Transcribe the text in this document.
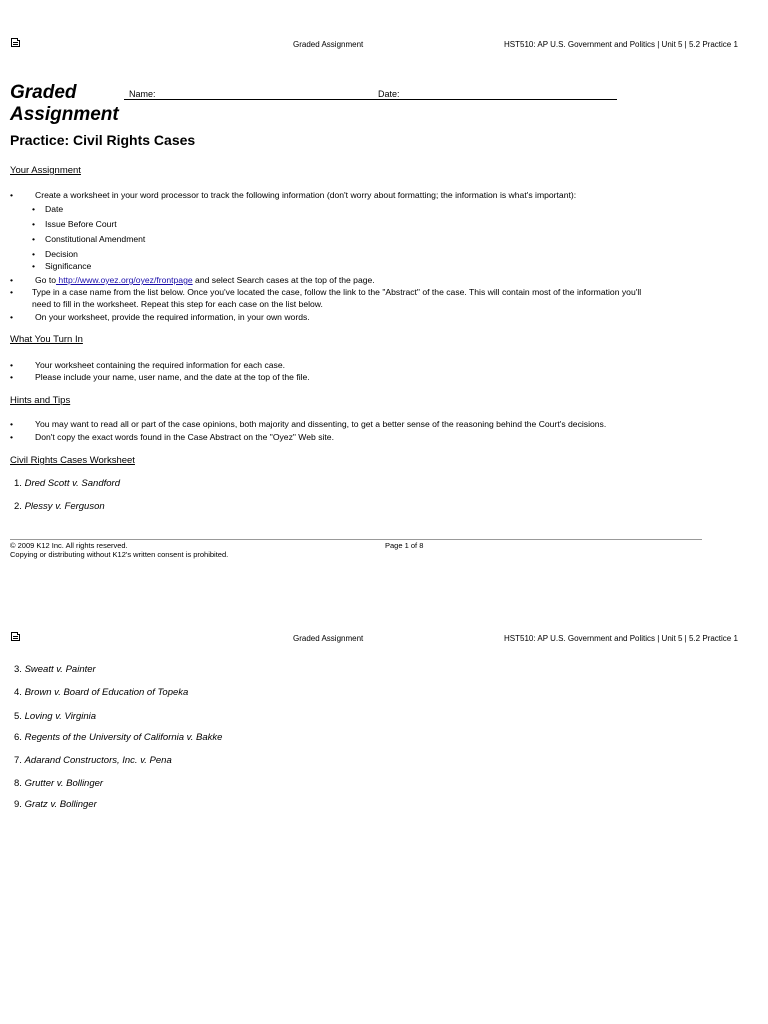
Graded Assignment	HST510: AP U.S. Government and Politics | Unit 5 | 5.2 Practice 1
Graded
Assignment
Name:	Date:
Practice: Civil Rights Cases
Your Assignment
•	Create a worksheet in your word processor to track the following information (don't worry about formatting; the information is what's important):
• Date
• Issue Before Court
• Constitutional Amendment
• Decision
• Significance
•	Go to http://www.oyez.org/oyez/frontpage and select Search cases at the top of the page.
• Type in a case name from the list below. Once you've located the case, follow the link to the "Abstract" of the case. This will contain most of the information you'll
need to fill in the worksheet. Repeat this step for each case on the list below.
•	On your worksheet, provide the required information, in your own words.
What You Turn In
•	Your worksheet containing the required information for each case.
•	Please include your name, user name, and the date at the top of the file.
Hints and Tips
•	You may want to read all or part of the case opinions, both majority and dissenting, to get a better sense of the reasoning behind the Court's decisions.
•	Don't copy the exact words found in the Case Abstract on the "Oyez" Web site.
Civil Rights Cases Worksheet
1. Dred Scott v. Sandford
2. Plessy v. Ferguson
© 2009 K12 Inc. All rights reserved.
Copying or distributing without K12's written consent is prohibited.
Page 1 of 8
Graded Assignment	HST510: AP U.S. Government and Politics | Unit 5 | 5.2 Practice 1
3. Sweatt v. Painter
4. Brown v. Board of Education of Topeka
5. Loving v. Virginia
6. Regents of the University of California v. Bakke
7. Adarand Constructors, Inc. v. Pena
8. Grutter v. Bollinger
9. Gratz v. Bollinger
